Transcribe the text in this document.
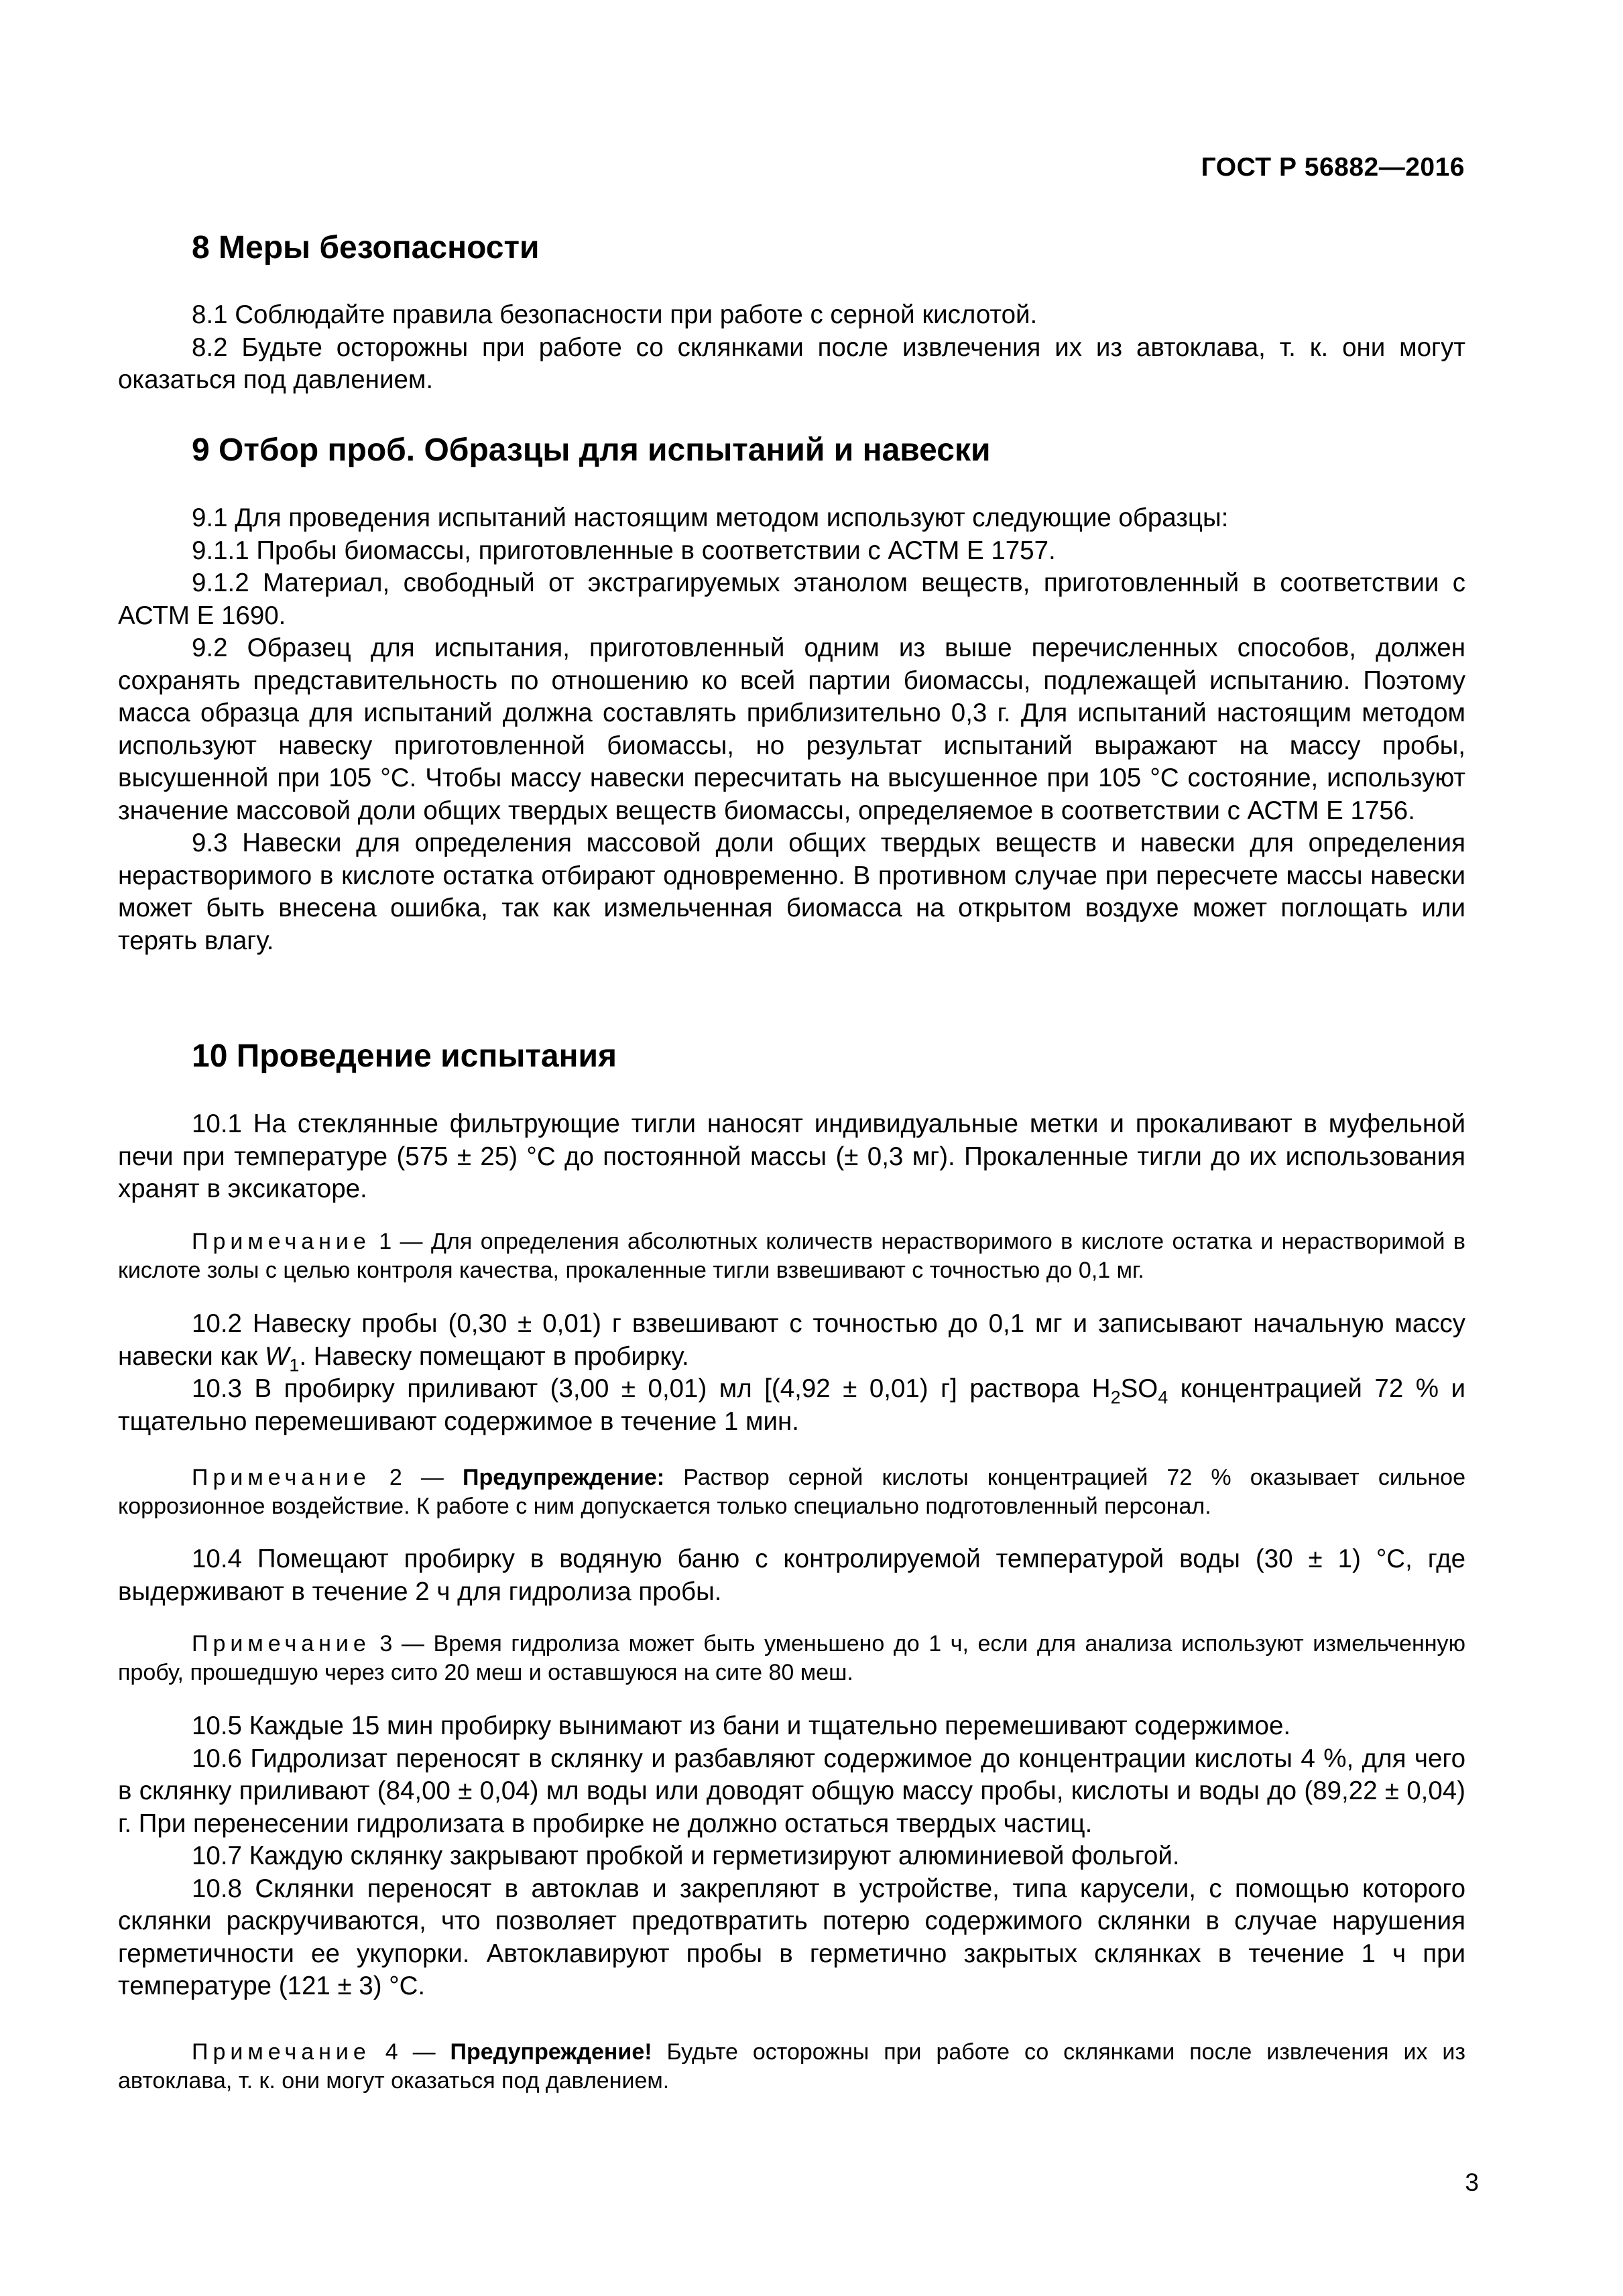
ГОСТ Р 56882—2016
8 Меры безопасности

8.1 Соблюдайте правила безопасности при работе с серной кислотой.

8.2 Будьте осторожны при работе со склянками после извлечения их из автоклава, т. к. они могут оказаться под давлением.

9 Отбор проб. Образцы для испытаний и навески

9.1 Для проведения испытаний настоящим методом используют следующие образцы:

9.1.1 Пробы биомассы, приготовленные в соответствии с АСТМ Е 1757.

9.1.2 Материал, свободный от экстрагируемых этанолом веществ, приготовленный в соответствии с АСТМ Е 1690.

9.2 Образец для испытания, приготовленный одним из выше перечисленных способов, должен сохранять представительность по отношению ко всей партии биомассы, подлежащей испытанию. Поэтому масса образца для испытаний должна составлять приблизительно 0,3 г. Для испытаний настоящим методом используют навеску приготовленной биомассы, но результат испытаний выражают на массу пробы, высушенной при 105 °С. Чтобы массу навески пересчитать на высушенное при 105 °С состояние, используют значение массовой доли общих твердых веществ биомассы, определяемое в соответствии с АСТМ Е 1756.

9.3 Навески для определения массовой доли общих твердых веществ и навески для определения нерастворимого в кислоте остатка отбирают одновременно. В противном случае при пересчете массы навески может быть внесена ошибка, так как измельченная биомасса на открытом воздухе может поглощать или терять влагу.

10 Проведение испытания

10.1 На стеклянные фильтрующие тигли наносят индивидуальные метки и прокаливают в муфельной печи при температуре (575 ± 25) °С до постоянной массы (± 0,3 мг). Прокаленные тигли до их использования хранят в эксикаторе.

Примечание 1 — Для определения абсолютных количеств нерастворимого в кислоте остатка и нерастворимой в кислоте золы с целью контроля качества, прокаленные тигли взвешивают с точностью до 0,1 мг.

10.2 Навеску пробы (0,30 ± 0,01) г взвешивают с точностью до 0,1 мг и записывают начальную массу навески как $W_1$. Навеску помещают в пробирку.

10.3 В пробирку приливают (3,00 ± 0,01) мл [(4,92 ± 0,01) г] раствора $H_2SO_4$ концентрацией 72 % и тщательно перемешивают содержимое в течение 1 мин.

Примечание 2 — Предупреждение: Раствор серной кислоты концентрацией 72 % оказывает сильное коррозионное воздействие. К работе с ним допускается только специально подготовленный персонал.

10.4 Помещают пробирку в водяную баню с контролируемой температурой воды (30 ± 1) °С, где выдерживают в течение 2 ч для гидролиза пробы.

Примечание 3 — Время гидролиза может быть уменьшено до 1 ч, если для анализа используют измельченную пробу, прошедшую через сито 20 меш и оставшуюся на сите 80 меш.

10.5 Каждые 15 мин пробирку вынимают из бани и тщательно перемешивают содержимое.

10.6 Гидролизат переносят в склянку и разбавляют содержимое до концентрации кислоты 4 %, для чего в склянку приливают (84,00 ± 0,04) мл воды или доводят общую массу пробы, кислоты и воды до (89,22 ± 0,04) г. При перенесении гидролизата в пробирке не должно остаться твердых частиц.

10.7 Каждую склянку закрывают пробкой и герметизируют алюминиевой фольгой.

10.8 Склянки переносят в автоклав и закрепляют в устройстве, типа карусели, с помощью которого склянки раскручиваются, что позволяет предотвратить потерю содержимого склянки в случае нарушения герметичности ее укупорки. Автоклавируют пробы в герметично закрытых склянках в течение 1 ч при температуре (121 ± 3) °С.

Примечание 4 — Предупреждение! Будьте осторожны при работе со склянками после извлечения их из автоклава, т. к. они могут оказаться под давлением.

3
